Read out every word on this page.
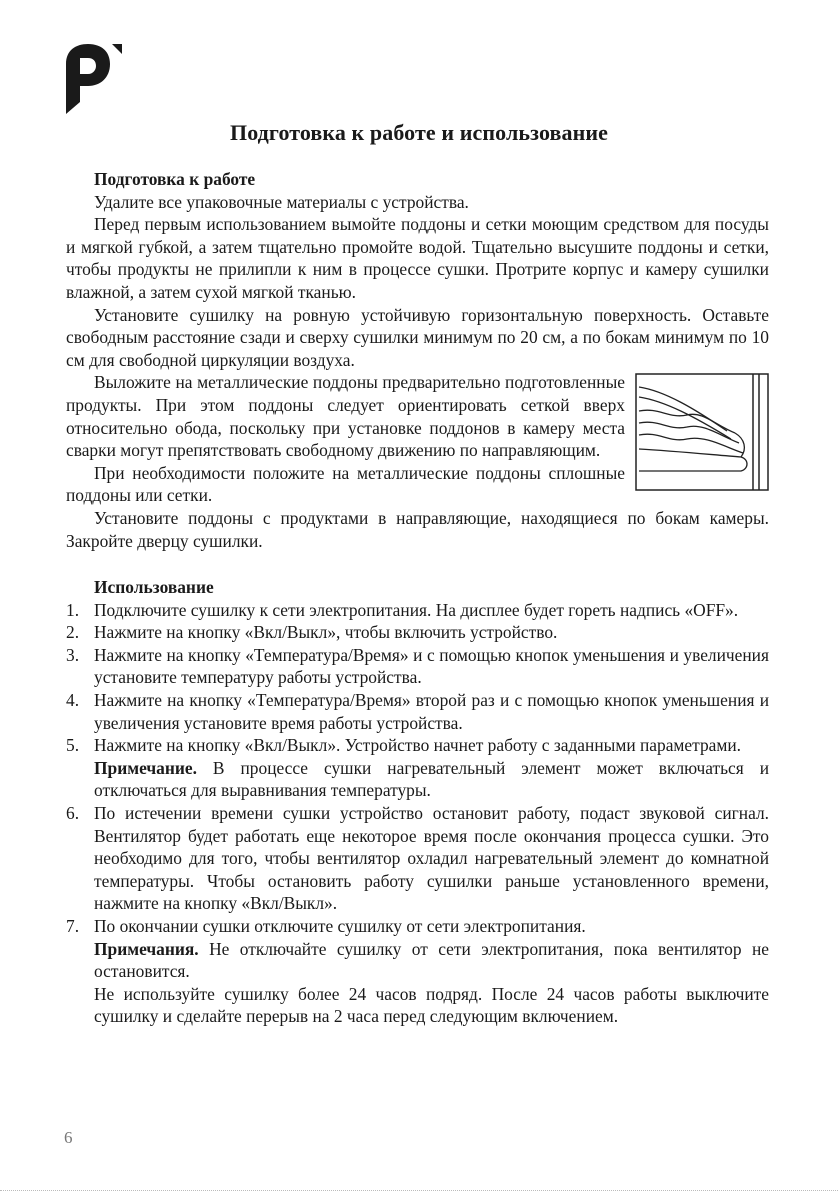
Подготовка к работе и использование

Подготовка к работе

Удалите все упаковочные материалы с устройства.

Перед первым использованием вымойте поддоны и сетки моющим средством для посуды и мягкой губкой, а затем тщательно промойте водой. Тщательно высушите поддоны и сетки, чтобы продукты не прилипли к ним в процессе сушки. Протрите корпус и камеру сушилки влажной, а затем сухой мягкой тканью.

Установите сушилку на ровную устойчивую горизонтальную поверхность. Оставьте свободным расстояние сзади и сверху сушилки минимум по 20 см, а по бокам минимум по 10 см для свободной циркуляции воздуха.

Выложите на металлические поддоны предварительно подготовленные продукты. При этом поддоны следует ориентировать сеткой вверх относительно обода, поскольку при установке поддонов в камеру места сварки могут препятствовать свободному движению по направляющим.

При необходимости положите на металлические поддоны сплошные поддоны или сетки.

Установите поддоны с продуктами в направляющие, находящиеся по бокам камеры. Закройте дверцу сушилки.

Использование

1. Подключите сушилку к сети электропитания. На дисплее будет гореть надпись «OFF».
2. Нажмите на кнопку «Вкл/Выкл», чтобы включить устройство.
3. Нажмите на кнопку «Температура/Время» и с помощью кнопок уменьшения и увеличения установите температуру работы устройства.
4. Нажмите на кнопку «Температура/Время» второй раз и с помощью кнопок уменьшения и увеличения установите время работы устройства.
5. Нажмите на кнопку «Вкл/Выкл». Устройство начнет работу с заданными параметрами.

Примечание. В процессе сушки нагревательный элемент может включаться и отключаться для выравнивания температуры.

6. По истечении времени сушки устройство остановит работу, подаст звуковой сигнал. Вентилятор будет работать еще некоторое время после окончания процесса сушки. Это необходимо для того, чтобы вентилятор охладил нагревательный элемент до комнатной температуры. Чтобы остановить работу сушилки раньше установленного времени, нажмите на кнопку «Вкл/Выкл».
7. По окончании сушки отключите сушилку от сети электропитания.

Примечания. Не отключайте сушилку от сети электропитания, пока вентилятор не остановится.

Не используйте сушилку более 24 часов подряд. После 24 часов работы выключите сушилку и сделайте перерыв на 2 часа перед следующим включением.

6
